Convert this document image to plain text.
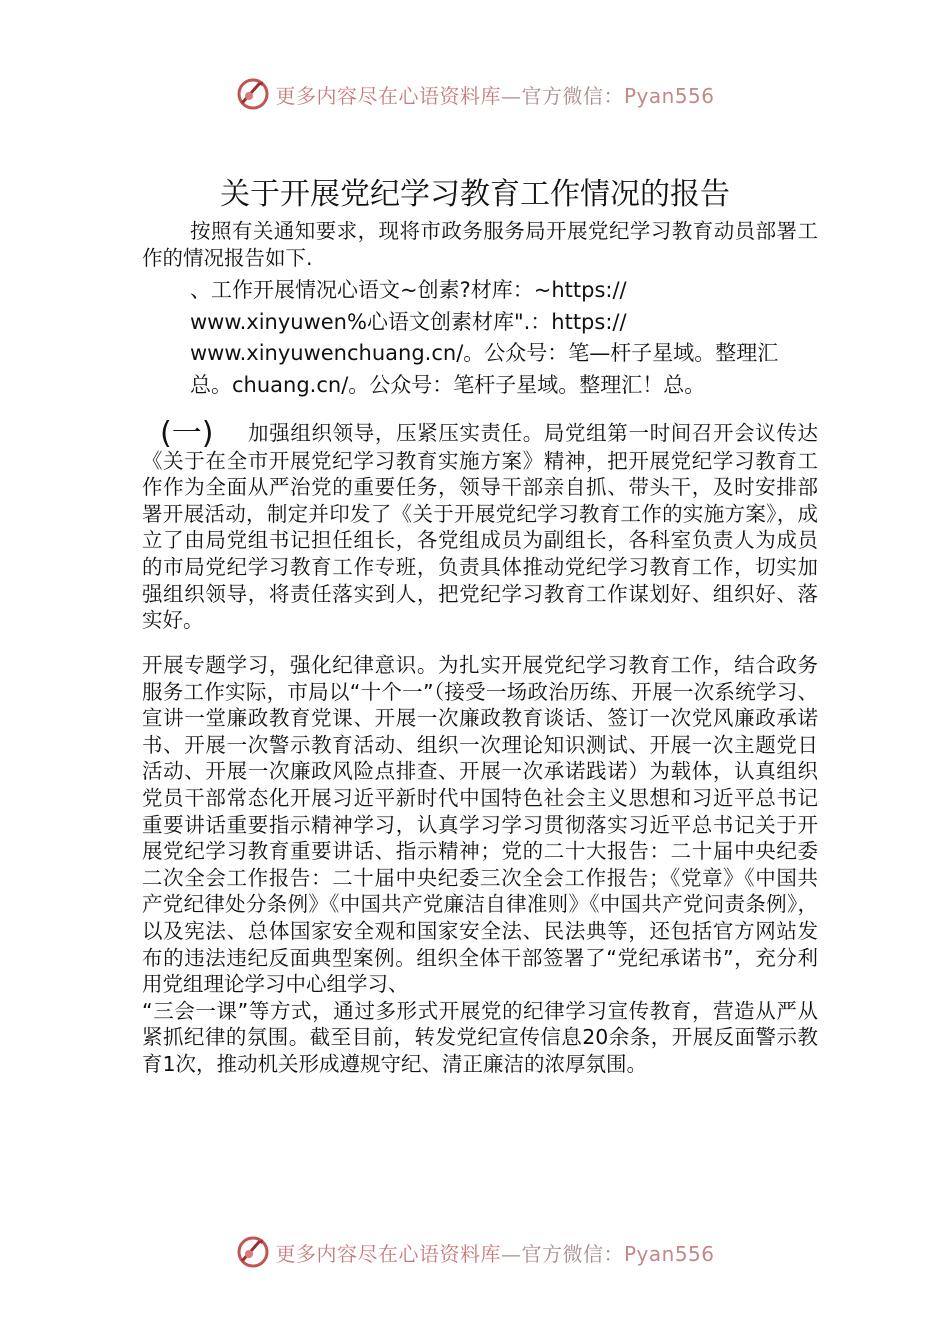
更多内容尽在心语资料库—官方微信：Pyan556
关于开展党纪学习教育工作情况的报告
按照有关通知要求，现将市政务服务局开展党纪学习教育动员部署工作的情况报告如下.
、工作开展情况心语文~创素?材库：~https://
www.xinyuwen%心语文创素材库".：https://
www.xinyuwenchuang.cn/。公众号：笔—杆子星域。整理汇
总。chuang.cn/。公众号：笔杆子星域。整理汇！总。
(一) 加强组织领导，压紧压实责任。局党组第一时间召开会议传达《关于在全市开展党纪学习教育实施方案》精神，把开展党纪学习教育工作作为全面从严治党的重要任务，领导干部亲自抓、带头干，及时安排部署开展活动，制定并印发了《关于开展党纪学习教育工作的实施方案》，成立了由局党组书记担任组长，各党组成员为副组长，各科室负责人为成员的市局党纪学习教育工作专班，负责具体推动党纪学习教育工作，切实加强组织领导，将责任落实到人，把党纪学习教育工作谋划好、组织好、落实好。
开展专题学习，强化纪律意识。为扎实开展党纪学习教育工作，结合政务服务工作实际，市局以“十个一”（接受一场政治历练、开展一次系统学习、宣讲一堂廉政教育党课、开展一次廉政教育谈话、签订一次党风廉政承诺书、开展一次警示教育活动、组织一次理论知识测试、开展一次主题党日活动、开展一次廉政风险点排查、开展一次承诺践诺）为载体，认真组织党员干部常态化开展习近平新时代中国特色社会主义思想和习近平总书记重要讲话重要指示精神学习，认真学习学习贯彻落实习近平总书记关于开展党纪学习教育重要讲话、指示精神；党的二十大报告：二十届中央纪委二次全会工作报告：二十届中央纪委三次全会工作报告；《党章》《中国共产党纪律处分条例》《中国共产党廉洁自律准则》《中国共产党问责条例》，以及宪法、总体国家安全观和国家安全法、民法典等，还包括官方网站发布的违法违纪反面典型案例。组织全体干部签署了“党纪承诺书”，充分利用党组理论学习中心组学习、
“三会一课”等方式，通过多形式开展党的纪律学习宣传教育，营造从严从紧抓纪律的氛围。截至目前，转发党纪宣传信息20余条，开展反面警示教育1次，推动机关形成遵规守纪、清正廉洁的浓厚氛围。
更多内容尽在心语资料库—官方微信：Pyan556
